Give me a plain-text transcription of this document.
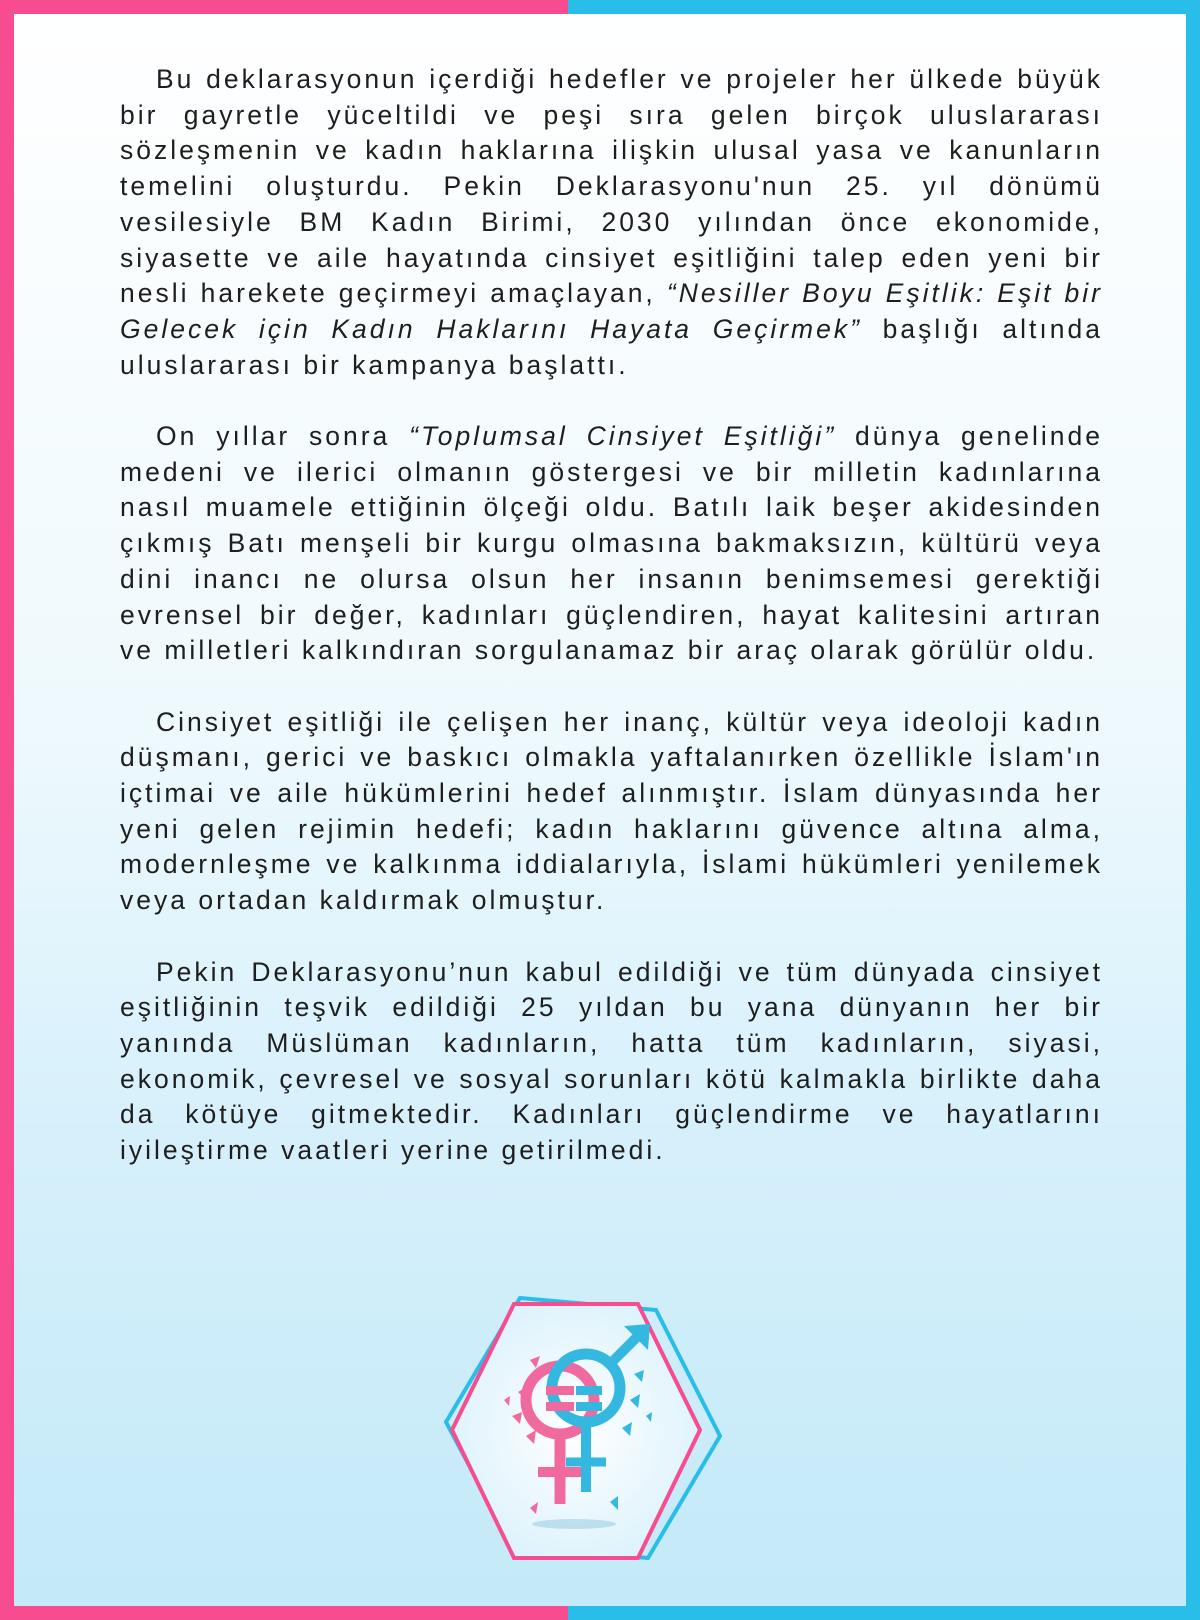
Bu deklarasyonun içerdiği hedefler ve projeler her ülkede büyük bir gayretle yüceltildi ve peşi sıra gelen birçok uluslararası sözleşmenin ve kadın haklarına ilişkin ulusal yasa ve kanunların temelini oluşturdu. Pekin Deklarasyonu'nun 25. yıl dönümü vesilesiyle BM Kadın Birimi, 2030 yılından önce ekonomide, siyasette ve aile hayatında cinsiyet eşitliğini talep eden yeni bir nesli harekete geçirmeyi amaçlayan, “Nesiller Boyu Eşitlik: Eşit bir Gelecek için Kadın Haklarını Hayata Geçirmek” başlığı altında uluslararası bir kampanya başlattı.

On yıllar sonra “Toplumsal Cinsiyet Eşitliği” dünya genelinde medeni ve ilerici olmanın göstergesi ve bir milletin kadınlarına nasıl muamele ettiğinin ölçeği oldu. Batılı laik beşer akidesinden çıkmış Batı menşeli bir kurgu olmasına bakmaksızın, kültürü veya dini inancı ne olursa olsun her insanın benimsemesi gerektiği evrensel bir değer, kadınları güçlendiren, hayat kalitesini artıran ve milletleri kalkındıran sorgulanamaz bir araç olarak görülür oldu.

Cinsiyet eşitliği ile çelişen her inanç, kültür veya ideoloji kadın düşmanı, gerici ve baskıcı olmakla yaftalanırken özellikle İslam'ın içtimai ve aile hükümlerini hedef alınmıştır. İslam dünyasında her yeni gelen rejimin hedefi; kadın haklarını güvence altına alma, modernleşme ve kalkınma iddialarıyla, İslami hükümleri yenilemek veya ortadan kaldırmak olmuştur.

Pekin Deklarasyonu’nun kabul edildiği ve tüm dünyada cinsiyet eşitliğinin teşvik edildiği 25 yıldan bu yana dünyanın her bir yanında Müslüman kadınların, hatta tüm kadınların, siyasi, ekonomik, çevresel ve sosyal sorunları kötü kalmakla birlikte daha da kötüye gitmektedir. Kadınları güçlendirme ve hayatlarını iyileştirme vaatleri yerine getirilmedi.
